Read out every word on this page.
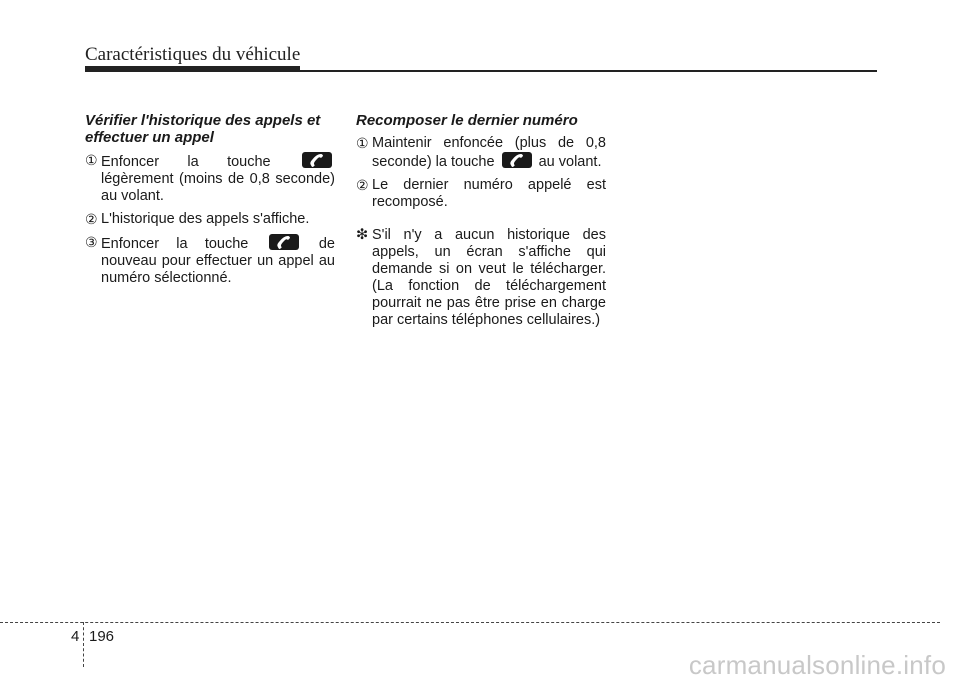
Caractéristiques du véhicule
Vérifier l'historique des appels et effectuer un appel
① Enfoncer la touche
légèrement (moins de 0,8 seconde) au volant.
② L'historique des appels s'affiche.
③ Enfoncer la touche	de nouveau pour effectuer un appel au numéro sélectionné.
Recomposer le dernier numéro
① Maintenir enfoncée (plus de 0,8 seconde) la touche	au volant.
② Le dernier numéro appelé est recomposé.
❇ S'il n'y a aucun historique des appels, un écran s'affiche qui demande si on veut le télécharger. (La fonction de téléchargement pourrait ne pas être prise en charge par certains téléphones cellulaires.)
4 196
carmanualsonline.info
